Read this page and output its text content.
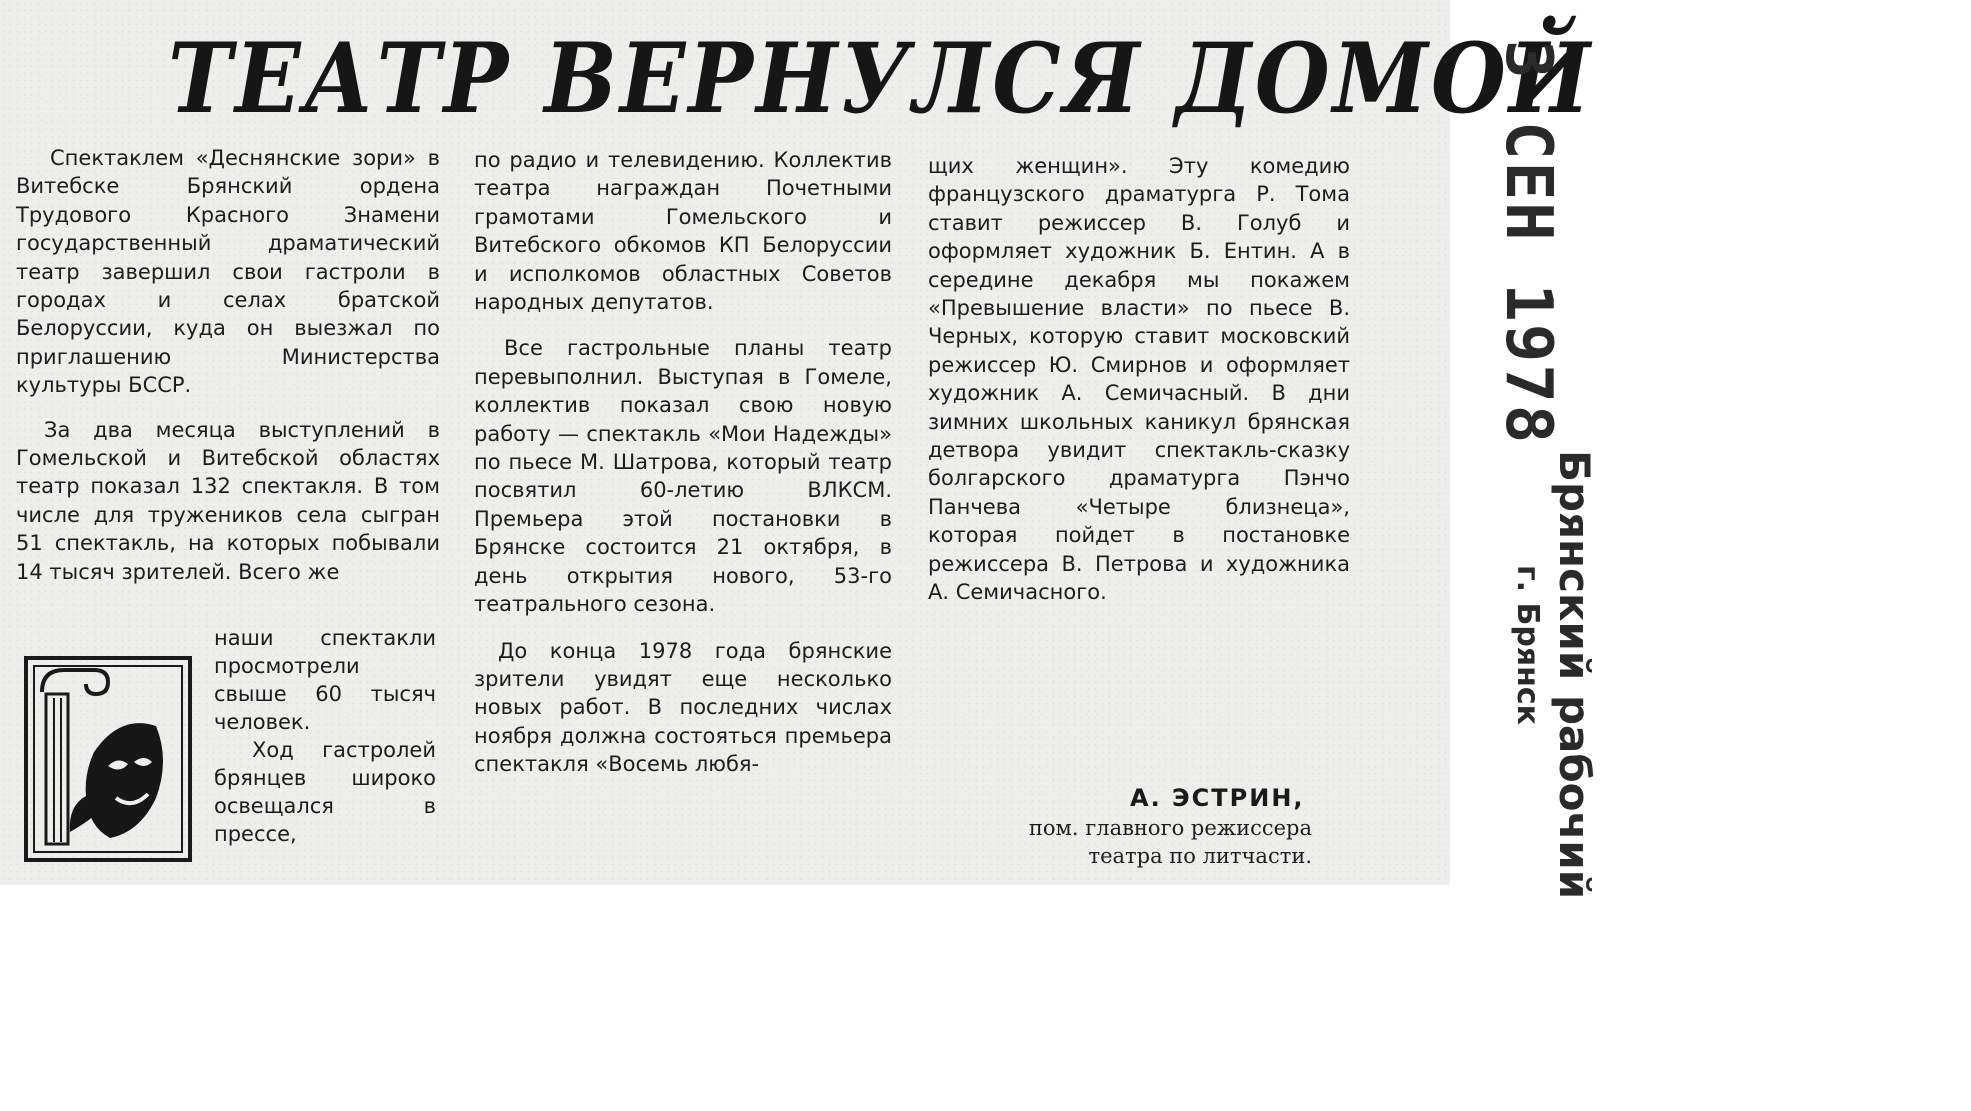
ТЕАТР ВЕРНУЛСЯ ДОМОЙ

Спектаклем «Деснянские зори» в Витебске Брянский ордена Трудового Красного Знамени государственный драматический театр завершил свои гастроли в городах и селах братской Белоруссии, куда он выезжал по приглашению Министерства культуры БССР.

За два месяца выступлений в Гомельской и Витебской областях театр показал 132 спектакля. В том числе для тружеников села сыгран 51 спектакль, на которых побывали 14 тысяч зрителей. Всего же

наши спектакли просмотрели свыше 60 тысяч человек.

Ход гастролей брянцев широко освещался в прессе,

по радио и телевидению. Коллектив театра награждан Почетными грамотами Гомельского и Витебского обкомов КП Белоруссии и исполкомов областных Советов народных депутатов.

Все гастрольные планы театр перевыполнил. Выступая в Гомеле, коллектив показал свою новую работу — спектакль «Мои Надежды» по пьесе М. Шатрова, который театр посвятил 60-летию ВЛКСМ. Премьера этой постановки в Брянске состоится 21 октября, в день открытия нового, 53-го театрального сезона.

До конца 1978 года брянские зрители увидят еще несколько новых работ. В последних числах ноября должна состояться премьера спектакля «Восемь любя-

щих женщин». Эту комедию французского драматурга Р. Тома ставит режиссер В. Голуб и оформляет художник Б. Ентин. А в середине декабря мы покажем «Превышение власти» по пьесе В. Черных, которую ставит московский режиссер Ю. Смирнов и оформляет художник А. Семичасный. В дни зимних школьных каникул брянская детвора увидит спектакль-сказку болгарского драматурга Пэнчо Панчева «Четыре близнеца», которая пойдет в постановке режиссера В. Петрова и художника А. Семичасного.

А. ЭСТРИН,
пом. главного режиссера
театра по литчасти.
3 СЕН 1978
Брянский рабочий
г. Брянск
